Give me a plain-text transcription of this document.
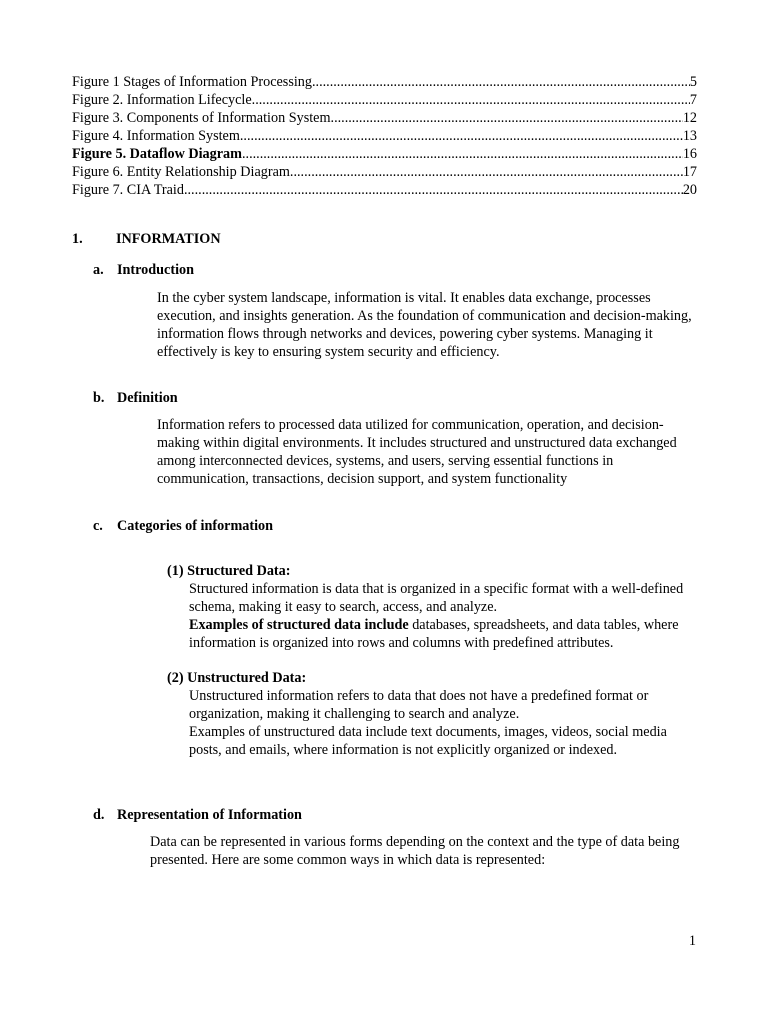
Figure 1 Stages of Information Processing .....	5
Figure 2. Information Lifecycle .....	7
Figure 3. Components of Information System .....	12
Figure 4. Information System .....	13
Figure 5. Dataflow Diagram .....	16
Figure 6. Entity Relationship Diagram .....	17
Figure 7. CIA Traid .....	20
1. INFORMATION
a. Introduction
In the cyber system landscape, information is vital. It enables data exchange, processes execution, and insights generation. As the foundation of communication and decision-making, information flows through networks and devices, powering cyber systems. Managing it effectively is key to ensuring system security and efficiency.
b. Definition
Information refers to processed data utilized for communication, operation, and decision-making within digital environments. It includes structured and unstructured data exchanged among interconnected devices, systems, and users, serving essential functions in communication, transactions, decision support, and system functionality
c. Categories of information
(1) Structured Data:
Structured information is data that is organized in a specific format with a well-defined schema, making it easy to search, access, and analyze.
Examples of structured data include databases, spreadsheets, and data tables, where information is organized into rows and columns with predefined attributes.
(2) Unstructured Data:
Unstructured information refers to data that does not have a predefined format or organization, making it challenging to search and analyze.
Examples of unstructured data include text documents, images, videos, social media posts, and emails, where information is not explicitly organized or indexed.
d. Representation of Information
Data can be represented in various forms depending on the context and the type of data being presented. Here are some common ways in which data is represented:
1
